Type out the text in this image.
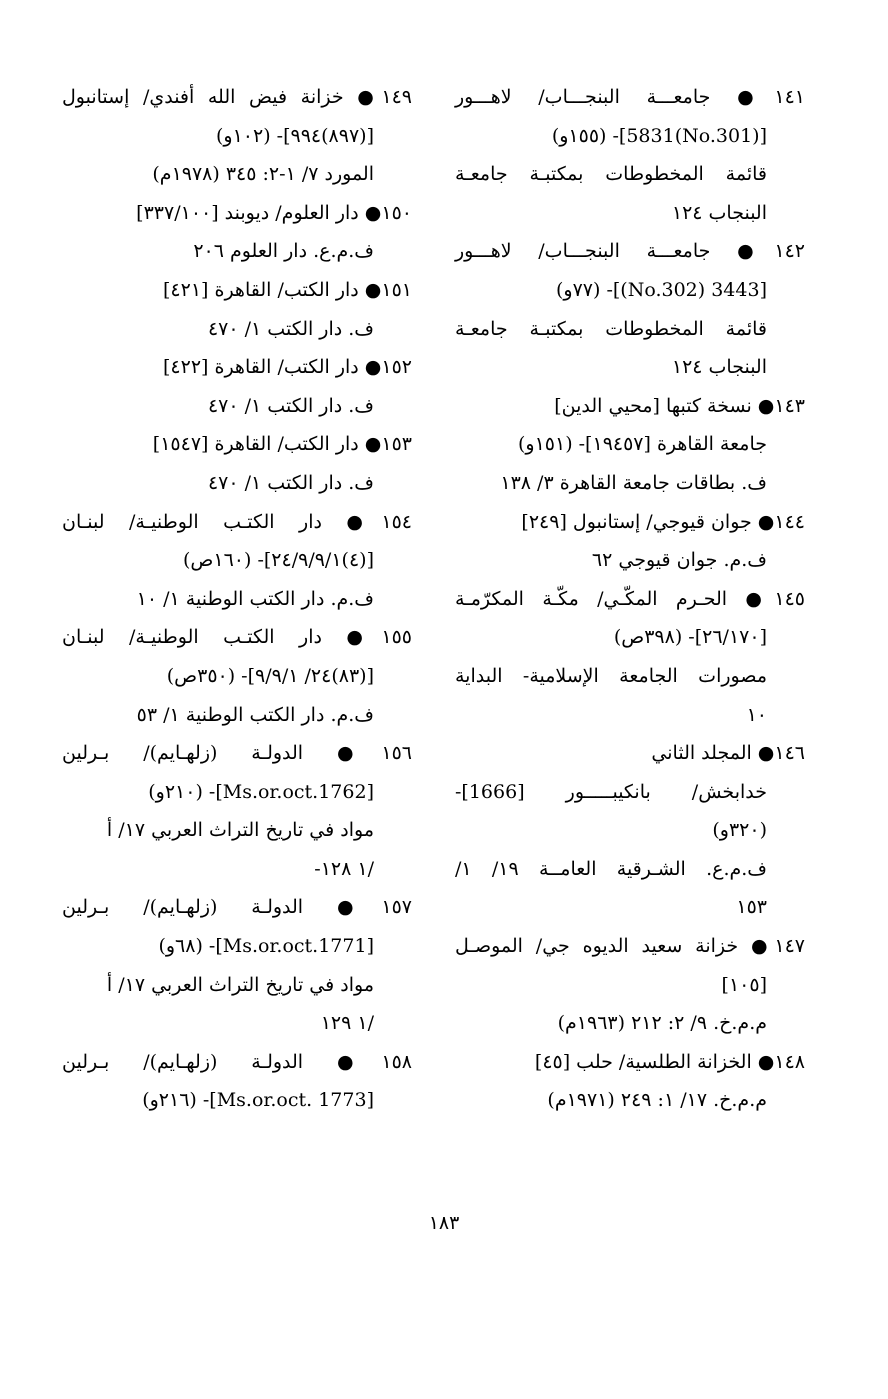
١٤١● جامعـــة البنجـــاب/ لاهـــور
[(No.301)5831]- (١٥٥و)
قائمة المخطوطات بمكتبـة جامعـة
البنجاب ١٢٤
١٤٢● جامعـــة البنجـــاب/ لاهـــور
[3443 (No.302)]- (٧٧و)
قائمة المخطوطات بمكتبـة جامعـة
البنجاب ١٢٤
١٤٣● نسخة كتبها [محيي الدين]
جامعة القاهرة [١٩٤٥٧]- (١٥١و)
ف. بطاقات جامعة القاهرة ٣/ ١٣٨
١٤٤● جوان قيوجي/ إستانبول [٢٤٩]
ف.م. جوان قيوجي ٦٢
١٤٥● الحـرم المكّـي/ مكّـة المكرّمـة
[٢٦/١٧٠]- (٣٩٨ص)
مصورات الجامعة الإسلامية- البداية
١٠
١٤٦● المجلد الثاني
خدابخش/ بانكيبـــــور [1666]-
(٣٢٠و)
ف.م.ع. الشـرقية العامــة ١٩/ ١/
١٥٣
١٤٧● خزانة سعيد الديوه جي/ الموصـل
[١٠٥]
م.م.خ. ٩/ ٢: ٢١٢ (١٩٦٣م)
١٤٨● الخزانة الطلسية/ حلب [٤٥]
م.م.خ. ١٧/ ١: ٢٤٩ (١٩٧١م)
١٤٩● خزانة فيض الله أفندي/ إستانبول
[(٨٩٧)٩٩٤]- (١٠٢و)
المورد ٧/ ١-٢: ٣٤٥ (١٩٧٨م)
١٥٠● دار العلوم/ ديوبند [٣٣٧/١٠٠]
ف.م.ع. دار العلوم ٢٠٦
١٥١● دار الكتب/ القاهرة [٤٢١]
ف. دار الكتب ١/ ٤٧٠
١٥٢● دار الكتب/ القاهرة [٤٢٢]
ف. دار الكتب ١/ ٤٧٠
١٥٣● دار الكتب/ القاهرة [١٥٤٧]
ف. دار الكتب ١/ ٤٧٠
١٥٤● دار الكتـب الوطنيـة/ لبنـان
[(٤)٢٤/٩/٩/١]- (١٦٠ص)
ف.م. دار الكتب الوطنية ١/ ١٠
١٥٥● دار الكتـب الوطنيـة/ لبنـان
[(٨٣)٢٤/ ٩/٩/١]- (٣٥٠ص)
ف.م. دار الكتب الوطنية ١/ ٥٣
١٥٦● الدولـة (زلهـايم)/ بـرلين
[Ms.or.oct.1762]- (٢١٠و)
مواد في تاريخ التراث العربي ١٧/ أ
/١ ١٢٨-
١٥٧● الدولـة (زلهـايم)/ بـرلين
[Ms.or.oct.1771]- (٦٨و)
مواد في تاريخ التراث العربي ١٧/ أ
/١ ١٢٩
١٥٨● الدولـة (زلهـايم)/ بـرلين
[Ms.or.oct. 1773]- (٢١٦و)
١٨٣
